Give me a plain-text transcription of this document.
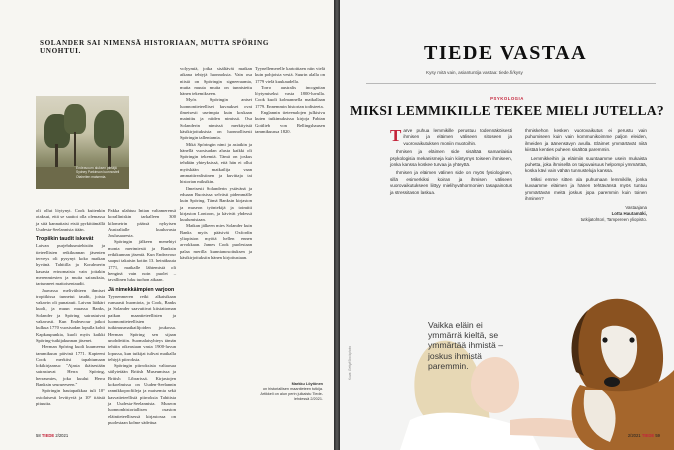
SOLANDER SAI NIMENSÄ HISTORIAAN, MUTTA SPÖRING UNOHTUI.
Endeavourn aluksen piirtäjä Sydney Parkinson luonnosteli Otaheiten maisemia.

oli ollut löytynyt. Cook kuitenkin otaksui, että se saattoi olla olemassa ja sitä kannattaisi etsiä pyrkittämällä Uudesta-Seelannista itään.

Tropiikin taudit iskevät

Laivan purjehdusmiehistön ja tieteellisten retkikunnan jäsenten terveys oli pysynyt koko matkan hyvänä. Tahitilla ja Koralmerin kasasta erinomaista vain joitakin merenmiesten ja muita sairauksia, tartunneet mattoisentaudit.

Jaavassa meliviihteen ihmiset tropiikissa tunnetut taudit, joista vakavin oli punatauti. Laivan lääkäri kuoli, ja muun muassa Banks, Solander ja Spöring sairastuivat vakavasti. Kun Endeavour jatkoi kulkua 1770 vuosisadan lopulla kohti Kapkaupunkia, kuoli myös kaikki Spöring-tutkijakunnan jäsenet.

Herman Spöring kuoli kuumeena tammikuun päivinä 1771. Kapteeni Cook merkitsi tapahtumaan lokikirjaansa: "Ajasta ikäisestään sairastuvat Herra Spöring, herrasmies, joka kuului Herra Banksin seurueeseen."

Spöringin hautapaikkaa tuli 10° ostolaisesti levittyviä ja 10° itäistä pituutta.

Pakka ulahtuu Intian valtamerensä koralliniskin tarkalleen 300 kilometrin päässä nykyisen Australialle kuuluvasta Joulusaaresta.

Spöringin jälkeen menehtyi monta merimiestä ja Banksin retkikunnan jäsentä. Kun Endeavour saapui takaisin kotiin 13. heinäkuuta 1771, matkalle lähtemistä oli henginä vain noin puolet – tavallinen luku tuohon aikaan.

Jä nimekkäimpien varjoon

Tyynenmeren retki alkaisikaan runsaasti huomiota, ja Cook, Banks ja Solander saavuttivat kiistattoman paikan maantieteellisten ja luonnontieteellisten tutkimusmatkailijoiden joukossa. Herman Spöring sen sijaan unohdettiin. Suomalaisyhteys tämän tehtiin oikeastaan vasta 1900-luvun lopussa, kun tutkijat tulivat matkalla tehtyjä piirroksia.

Spöringin piirroksista valtaosaa säilytetään British Museumissa ja British Librarissä. Kirjastojen kokoelmissa on Uuden-Seelannin rannikkoprofiileja ja maisemia sekä kasvatieteellisiä piirroksia Tahitista ja Uudesta-Seelannista. Museon luonnonhistoriallisen osaston eläintieteellisessä kirjastossa on puolestaan kolme sädettua

volyymiä, jotka sisältävät matkan aikana tehtyjä luonnoksia. Vain osa niistä on Spöringin signeeraamia, mutta muuta muita on tunnistettu hänen tekemikseen.

Myös Spöringin aniset luonnontieteelliset kuvaukset ovat ilmeisesti useimpia kuin koskaan mainittu ja niiden nimissä. Osa Solanderin nimissä merkityistä käsikirjoituksista on luonnollisesti Spöringin tallentamia.

Mikä Spöringin nimi ja asiatkin ja hänellä vuosisadan alusta kaikki oli Spöringin tekemiä. Tämä on joskus tehdään yhteyksissä, että hän ei ollut myöskään matkailija vaan ammattirealistinen ja kuvittaja tai historian miksikin.

Ilmeisesti Solanderin ystävänä ja eduaan Ruotsissa selvästi pidemmälle kuin Spöring. Tämä Banksin kirjaston ja museon työntekijä ja toimitti kirjaston Lontoon, ja kävivät yhdessä kuulumisiaan.

Matkan jälkeen mies Solander kuin Banks myös pääsivät Oxfordin yliopiston myötä hellen ennen arvokkaan. James Cook puolestaan palaa merilla kunnianosoituksen ja käsikirjoituksiin hänen kirjoitustaan.

Tyynellemerelle kartoittaen niin vielä kuin pohjoista vesiä. Suurin alalla on 1779 vielä kuukaudella.

Torro australis incognitan löytymiseksi vasta 1800-luvulla. Cook kuoli kolmannella matkallaan 1779. Ennemmin historian todisteeta.

Englannin tieteenalojen julkisivu kuten tutkimuksissa kirjoja Fabian Gottlieb von Bellingshausen tammikuussa 1820.

Markku Löytönen
on historiallisen maantieteen tutkija. Artikkeli on alun perin julkaistu Tiede-lehdessä 2/2021.
58 TIEDE 2/2021
TIEDE VASTAA
Kysy mitä vain, asiantuntija vastaa: tiede.fi/kysy
PSYKOLOGIA
MIKSI LEMMIKILLE TEKEE MIELI JUTELLA?

Tarve puhua lemmikille perustuu todennäköisesti ihmisen ja eläimen väliseen sitoseen ja vuorovaikutuksen moniin muotoihin.

Ihmisen ja eläimen side sisältää samanlaisia psykologisia mekanismeja kuin kiintymys toiseen ihmiseen, jonka kanssa koskee turvaa ja yhteyttä.

Ihmisen ja eläimen välinen side on myös fysiologinen, sillä esimerkiksi koiran ja ihmisen väliseen vuorovaikutukseen liittyy mielihyvähormonien tasapainotus ja stressitason laskua.

Ihmiskehon kesken vuorovaikutus ei perustu vain puhumiseen kuin vain kommunikoimme paljon eleiden, ilmeiden ja äänensävyn avulla. Eläimet ymmärtävät niitä kiistää kenties puheen sisältöä paremmin.

Lemmikkeihin ja eläimiin suuntaamme usein mukaista puhetta, joka ihmisellä on taipuvaisuus helpompi ymmärtää, koska kävi vain vähän tunnusteluja kanssa.

Miksi emme sitten ala puhumaan lemmikille, jonka kuvaamme eläimen ja hänen tehtävänsä myös tuntuu ymmärtävän meitä joskus jopa paremmin kuin toinen ihminen?

Vastaajana
Lotta Hautamäki,
tutkijatohtori, Tampereen yliopisto.
Vaikka eläin ei ymmärrä kieltä, se ymmärtää ihmistä – joskus ihmistä paremmin.
Kuva: Getty/iStockphoto
2/2021 TIEDE 59
